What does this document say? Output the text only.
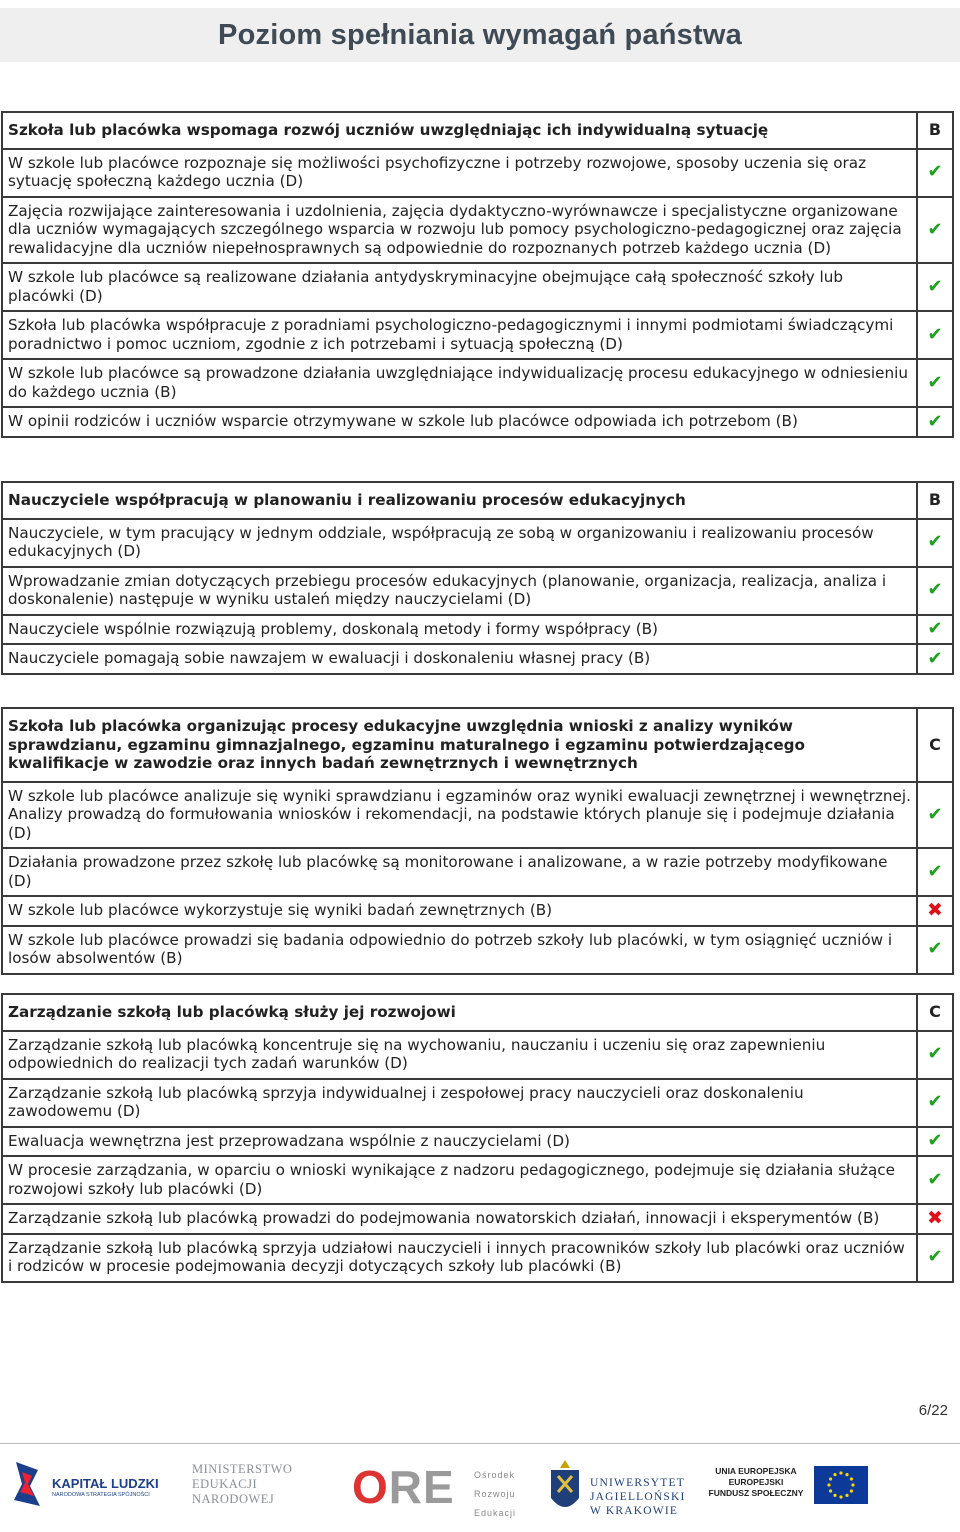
Poziom spełniania wymagań państwa
Szkoła lub placówka wspomaga rozwój uczniów uwzględniając ich indywidualną sytuację	B
W szkole lub placówce rozpoznaje się możliwości psychofizyczne i potrzeby rozwojowe, sposoby uczenia się oraz sytuację społeczną każdego ucznia (D)	✔
Zajęcia rozwijające zainteresowania i uzdolnienia, zajęcia dydaktyczno-wyrównawcze i specjalistyczne organizowane dla uczniów wymagających szczególnego wsparcia w rozwoju lub pomocy psychologiczno-pedagogicznej oraz zajęcia rewalidacyjne dla uczniów niepełnosprawnych są odpowiednie do rozpoznanych potrzeb każdego ucznia (D)	✔
W szkole lub placówce są realizowane działania antydyskryminacyjne obejmujące całą społeczność szkoły lub placówki (D)	✔
Szkoła lub placówka współpracuje z poradniami psychologiczno-pedagogicznymi i innymi podmiotami świadczącymi poradnictwo i pomoc uczniom, zgodnie z ich potrzebami i sytuacją społeczną (D)	✔
W szkole lub placówce są prowadzone działania uwzględniające indywidualizację procesu edukacyjnego w odniesieniu do każdego ucznia (B)	✔
W opinii rodziców i uczniów wsparcie otrzymywane w szkole lub placówce odpowiada ich potrzebom (B)	✔
Nauczyciele współpracują w planowaniu i realizowaniu procesów edukacyjnych	B
Nauczyciele, w tym pracujący w jednym oddziale, współpracują ze sobą w organizowaniu i realizowaniu procesów edukacyjnych (D)	✔
Wprowadzanie zmian dotyczących przebiegu procesów edukacyjnych (planowanie, organizacja, realizacja, analiza i doskonalenie) następuje w wyniku ustaleń między nauczycielami (D)	✔
Nauczyciele wspólnie rozwiązują problemy, doskonalą metody i formy współpracy (B)	✔
Nauczyciele pomagają sobie nawzajem w ewaluacji i doskonaleniu własnej pracy (B)	✔
Szkoła lub placówka organizując procesy edukacyjne uwzględnia wnioski z analizy wyników sprawdzianu, egzaminu gimnazjalnego, egzaminu maturalnego i egzaminu potwierdzającego kwalifikacje w zawodzie oraz innych badań zewnętrznych i wewnętrznych	C
W szkole lub placówce analizuje się wyniki sprawdzianu i egzaminów oraz wyniki ewaluacji zewnętrznej i wewnętrznej. Analizy prowadzą do formułowania wniosków i rekomendacji, na podstawie których planuje się i podejmuje działania (D)	✔
Działania prowadzone przez szkołę lub placówkę są monitorowane i analizowane, a w razie potrzeby modyfikowane (D)	✔
W szkole lub placówce wykorzystuje się wyniki badań zewnętrznych (B)	✖
W szkole lub placówce prowadzi się badania odpowiednio do potrzeb szkoły lub placówki, w tym osiągnięć uczniów i losów absolwentów (B)	✔
Zarządzanie szkołą lub placówką służy jej rozwojowi	C
Zarządzanie szkołą lub placówką koncentruje się na wychowaniu, nauczaniu i uczeniu się oraz zapewnieniu odpowiednich do realizacji tych zadań warunków (D)	✔
Zarządzanie szkołą lub placówką sprzyja indywidualnej i zespołowej pracy nauczycieli oraz doskonaleniu zawodowemu (D)	✔
Ewaluacja wewnętrzna jest przeprowadzana wspólnie z nauczycielami (D)	✔
W procesie zarządzania, w oparciu o wnioski wynikające z nadzoru pedagogicznego, podejmuje się działania służące rozwojowi szkoły lub placówki (D)	✔
Zarządzanie szkołą lub placówką prowadzi do podejmowania nowatorskich działań, innowacji i eksperymentów (B)	✖
Zarządzanie szkołą lub placówką sprzyja udziałowi nauczycieli i innych pracowników szkoły lub placówki oraz uczniów i rodziców w procesie podejmowania decyzji dotyczących szkoły lub placówki (B)	✔
6/22
KAPITAŁ LUDZKI
NARODOWA STRATEGIA SPÓJNOŚCI
MINISTERSTWO
EDUKACJI
NARODOWEJ	ORE Ośrodek
Rozwoju
Edukacji
UNIWERSYTET
JAGIELLOŃSKI
W KRAKOWIE
UNIA EUROPEJSKA
EUROPEJSKI
FUNDUSZ SPOŁECZNY
